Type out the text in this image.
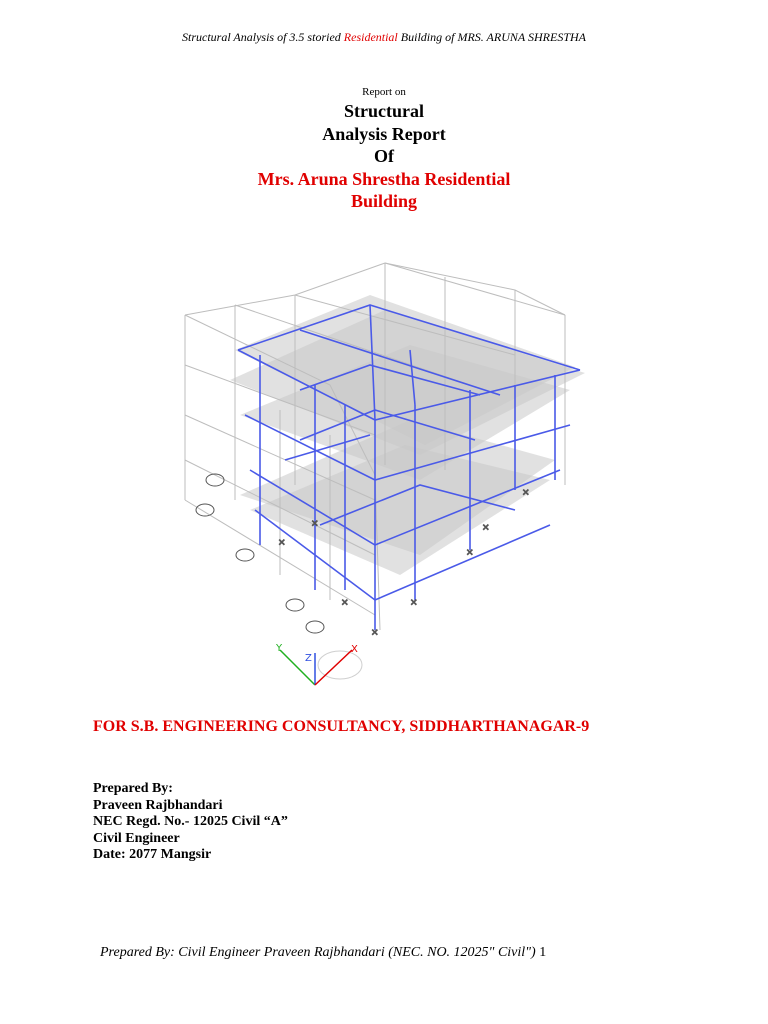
Structural Analysis of 3.5 storied Residential Building of MRS. ARUNA SHRESTHA
Report on
Structural
Analysis Report
Of
Mrs. Aruna Shrestha Residential
Building
⨯
⨯
⨯
⨯
⨯
⨯
⨯
⨯
Y
Z
X
FOR S.B. ENGINEERING CONSULTANCY, SIDDHARTHANAGAR-9
Prepared By:
Praveen Rajbhandari
NEC Regd. No.- 12025 Civil “A”
Civil Engineer
Date: 2077 Mangsir
Prepared By: Civil Engineer Praveen Rajbhandari (NEC. NO. 12025" Civil") 1
